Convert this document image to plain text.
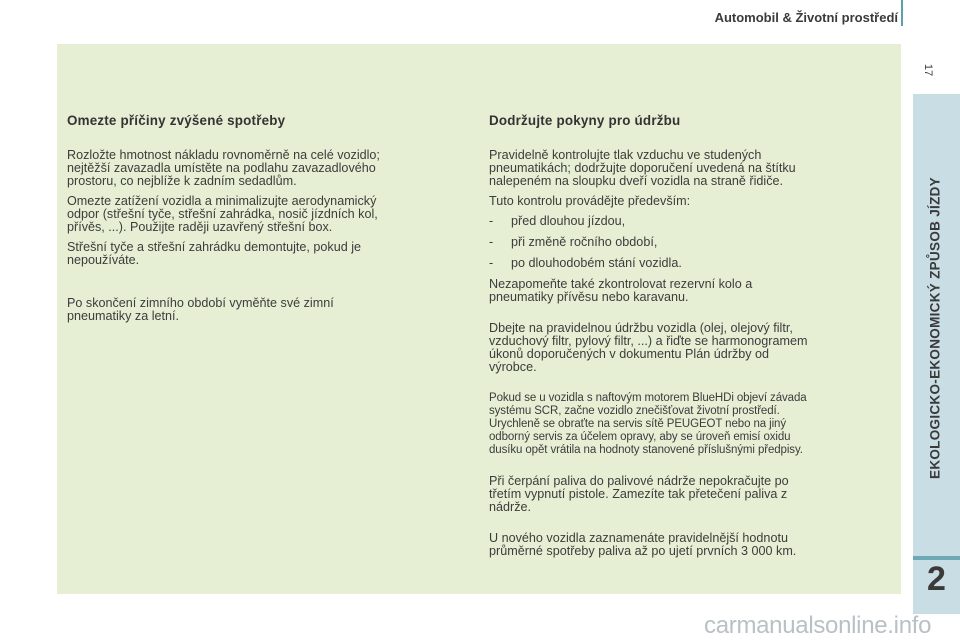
Automobil & Životní prostředí
17
Omezte příčiny zvýšené spotřeby

Rozložte hmotnost nákladu rovnoměrně na celé vozidlo;
nejtěžší zavazadla umístěte na podlahu zavazadlového
prostoru, co nejblíže k zadním sedadlům.

Omezte zatížení vozidla a minimalizujte aerodynamický
odpor (střešní tyče, střešní zahrádka, nosič jízdních kol,
přívěs, ...). Použijte raději uzavřený střešní box.

Střešní tyče a střešní zahrádku demontujte, pokud je
nepoužíváte.

Po skončení zimního období vyměňte své zimní
pneumatiky za letní.

Dodržujte pokyny pro údržbu

Pravidelně kontrolujte tlak vzduchu ve studených
pneumatikách; dodržujte doporučení uvedená na štítku
nalepeném na sloupku dveří vozidla na straně řidiče.

Tuto kontrolu provádějte především:

-	před dlouhou jízdou,
-	při změně ročního období,
-	po dlouhodobém stání vozidla.

Nezapomeňte také zkontrolovat rezervní kolo a
pneumatiky přívěsu nebo karavanu.

Dbejte na pravidelnou údržbu vozidla (olej, olejový filtr,
vzduchový filtr, pylový filtr, ...) a řiďte se harmonogramem
úkonů doporučených v dokumentu Plán údržby od
výrobce.

Pokud se u vozidla s naftovým motorem BlueHDi objeví závada
systému SCR, začne vozidlo znečišťovat životní prostředí.
Urychleně se obraťte na servis sítě PEUGEOT nebo na jiný
odborný servis za účelem opravy, aby se úroveň emisí oxidu
dusíku opět vrátila na hodnoty stanovené příslušnými předpisy.

Při čerpání paliva do palivové nádrže nepokračujte po
třetím vypnutí pistole. Zamezíte tak přetečení paliva z
nádrže.

U nového vozidla zaznamenáte pravidelnější hodnotu
průměrné spotřeby paliva až po ujetí prvních 3 000 km.

EKOLOGICKO-EKONOMICKÝ ZPŮSOB JÍZDY
2
carmanualsonline.info
